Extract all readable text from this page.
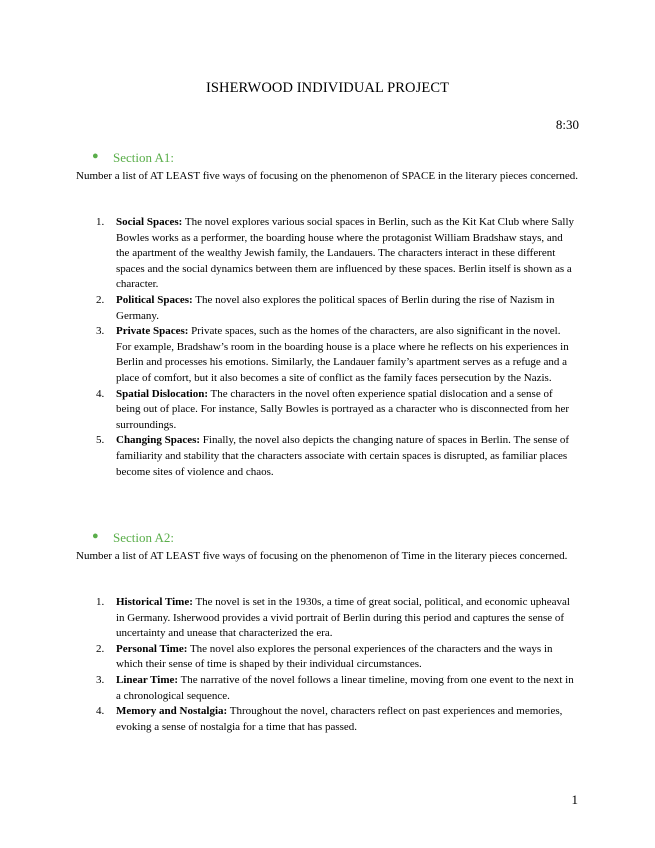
ISHERWOOD INDIVIDUAL PROJECT
8:30
● Section A1:
Number a list of AT LEAST five ways of focusing on the phenomenon of SPACE in the literary pieces concerned.
1. Social Spaces: The novel explores various social spaces in Berlin, such as the Kit Kat Club where Sally Bowles works as a performer, the boarding house where the protagonist William Bradshaw stays, and the apartment of the wealthy Jewish family, the Landauers. The characters interact in these different spaces and the social dynamics between them are influenced by these spaces. Berlin itself is shown as a character.
2. Political Spaces: The novel also explores the political spaces of Berlin during the rise of Nazism in Germany.
3. Private Spaces: Private spaces, such as the homes of the characters, are also significant in the novel. For example, Bradshaw’s room in the boarding house is a place where he reflects on his experiences in Berlin and processes his emotions. Similarly, the Landauer family’s apartment serves as a refuge and a place of comfort, but it also becomes a site of conflict as the family faces persecution by the Nazis.
4. Spatial Dislocation: The characters in the novel often experience spatial dislocation and a sense of being out of place. For instance, Sally Bowles is portrayed as a character who is disconnected from her surroundings.
5. Changing Spaces: Finally, the novel also depicts the changing nature of spaces in Berlin. The sense of familiarity and stability that the characters associate with certain spaces is disrupted, as familiar places become sites of violence and chaos.
● Section A2:
Number a list of AT LEAST five ways of focusing on the phenomenon of Time in the literary pieces concerned.
1. Historical Time: The novel is set in the 1930s, a time of great social, political, and economic upheaval in Germany. Isherwood provides a vivid portrait of Berlin during this period and captures the sense of uncertainty and unease that characterized the era.
2. Personal Time: The novel also explores the personal experiences of the characters and the ways in which their sense of time is shaped by their individual circumstances.
3. Linear Time: The narrative of the novel follows a linear timeline, moving from one event to the next in a chronological sequence.
4. Memory and Nostalgia: Throughout the novel, characters reflect on past experiences and memories, evoking a sense of nostalgia for a time that has passed.
1
